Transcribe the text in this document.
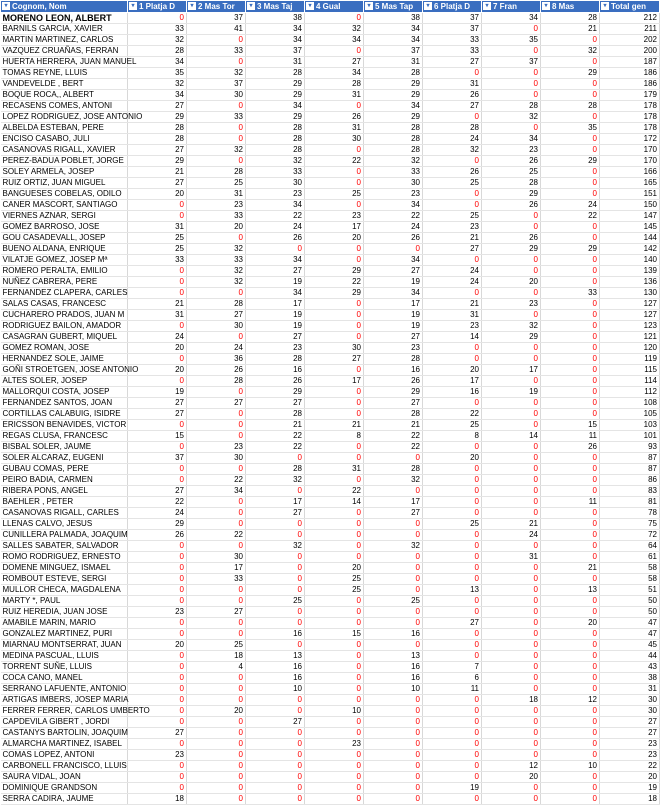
▾ Cognom, Nom	▾ 1 Platja D	▾ 2 Mas Tor	▾ 3 Mas Taj	▾ 4 Gual	▾ 5 Mas Tap	▾ 6 Platja D	▾ 7 Fran	▾ 8 Mas	▾ Total gen
MORENO LEON, ALBERT	0	37	38	0	38	37	34	28	212
BARNILS GARCIA, XAVIER	33	41	34	32	34	37	0	21	211
MARTIN MARTINEZ, CARLOS	32	0	34	34	34	33	35	0	202
VAZQUEZ CRUAÑAS, FERRAN	28	33	37	0	37	33	0	32	200
HUERTA HERRERA, JUAN MANUEL	34	0	31	27	31	27	37	0	187
TOMAS REYNE, LLUIS	35	32	28	34	28	0	0	29	186
VANDEVELDE , BERT	32	37	29	28	29	31	0	0	186
BOQUE ROCA,, ALBERT	34	30	29	31	29	26	0	0	179
RECASENS COMES, ANTONI	27	0	34	0	34	27	28	28	178
LOPEZ RODRIGUEZ, JOSE ANTONIO	29	33	29	26	29	0	32	0	178
ALBELDA ESTEBAN, PERE	28	0	28	31	28	28	0	35	178
ENCISO CASABO, JULI	28	0	28	30	28	24	34	0	172
CASANOVAS RIGALL, XAVIER	27	32	28	0	28	32	23	0	170
PEREZ-BADUA POBLET, JORGE	29	0	32	22	32	0	26	29	170
SOLEY ARMELA, JOSEP	21	28	33	0	33	26	25	0	166
RUIZ ORTIZ, JUAN MIGUEL	27	25	30	0	30	25	28	0	165
BANGUESES COBELAS, ODILO	20	31	23	25	23	0	29	0	151
CANER MASCORT, SANTIAGO	0	23	34	0	34	0	26	24	150
VIERNES AZNAR, SERGI	0	33	22	23	22	25	0	22	147
GOMEZ BARROSO, JOSE	31	20	24	17	24	23	0	0	145
GOU CASADEVALL, JOSEP	25	0	26	20	26	21	26	0	144
BUENO ALDANA, ENRIQUE	25	32	0	0	0	27	29	29	142
VILATJE GOMEZ, JOSEP Mª	33	33	34	0	34	0	0	0	140
ROMERO PERALTA, EMILIO	0	32	27	29	27	24	0	0	139
NUÑEZ CABRERA, PERE	0	32	19	22	19	24	20	0	136
FERNANDEZ CLAPERA, CARLES	0	0	34	29	34	0	0	33	130
SALAS CASAS, FRANCESC	21	28	17	0	17	21	23	0	127
CUCHARERO PRADOS, JUAN M	31	27	19	0	19	31	0	0	127
RODRIGUEZ BAILON, AMADOR	0	30	19	0	19	23	32	0	123
CASAGRAN GUBERT, MIQUEL	24	0	27	0	27	14	29	0	121
GOMEZ ROMAN, JOSE	20	24	23	30	23	0	0	0	120
HERNANDEZ SOLE, JAIME	0	36	28	27	28	0	0	0	119
GOÑI STROETGEN, JOSE ANTONIO	20	26	16	0	16	20	17	0	115
ALTES SOLER, JOSEP	0	28	26	17	26	17	0	0	114
MALLORQUI COSTA, JOSEP	19	0	29	0	29	16	19	0	112
FERNANDEZ SANTOS, JOAN	27	27	27	0	27	0	0	0	108
CORTILLAS CALABUIG, ISIDRE	27	0	28	0	28	22	0	0	105
ERICSSON BENAVIDES, VICTOR	0	0	21	21	21	25	0	15	103
REGAS CLUSA, FRANCESC	15	0	22	8	22	8	14	11	101
BISBAL SOLER, JAUME	0	23	22	0	22	0	0	26	93
SOLER ALCARAZ, EUGENI	37	30	0	0	0	20	0	0	87
GUBAU COMAS, PERE	0	0	28	31	28	0	0	0	87
PEIRO BADIA, CARMEN	0	22	32	0	32	0	0	0	86
RIBERA PONS, ANGEL	27	34	0	22	0	0	0	0	83
BAEHLER , PETER	22	0	17	14	17	0	0	11	81
CASANOVAS RIGALL, CARLES	24	0	27	0	27	0	0	0	78
LLENAS CALVO, JESUS	29	0	0	0	0	25	21	0	75
CUNILLERA PALMADA, JOAQUIM	26	22	0	0	0	0	24	0	72
SALLES SABATER, SALVADOR	0	0	32	0	32	0	0	0	64
ROMO RODRIGUEZ, ERNESTO	0	30	0	0	0	0	31	0	61
DOMENE MINGUEZ, ISMAEL	0	17	0	20	0	0	0	21	58
ROMBOUT ESTEVE, SERGI	0	33	0	25	0	0	0	0	58
MULLOR CHECA, MAGDALENA	0	0	0	25	0	13	0	13	51
MARTY *, PAUL	0	0	25	0	25	0	0	0	50
RUIZ HEREDIA, JUAN JOSE	23	27	0	0	0	0	0	0	50
AMABILE MARIN, MARIO	0	0	0	0	0	27	0	20	47
GONZALEZ MARTINEZ, PURI	0	0	16	15	16	0	0	0	47
MIARNAU MONTSERRAT, JUAN	20	25	0	0	0	0	0	0	45
MEDINA PASCUAL, LLUIS	0	18	13	0	13	0	0	0	44
TORRENT SUÑE, LLUIS	0	4	16	0	16	7	0	0	43
COCA CANO, MANEL	0	0	16	0	16	6	0	0	38
SERRANO LAFUENTE, ANTONIO	0	0	10	0	10	11	0	0	31
ARTIGAS IMBERS, JOSEP MARIA	0	0	0	0	0	0	18	12	30
FERRER FERRER, CARLOS UMBERTO	0	20	0	10	0	0	0	0	30
CAPDEVILA GIBERT , JORDI	0	0	27	0	0	0	0	0	27
CASTANYS BARTOLIN, JOAQUIM	27	0	0	0	0	0	0	0	27
ALMARCHA MARTINEZ, ISABEL	0	0	0	23	0	0	0	0	23
COMAS LOPEZ, ANTONI	23	0	0	0	0	0	0	0	23
CARBONELL FRANCISCO, LLUIS	0	0	0	0	0	0	12	10	22
SAURA VIDAL, JOAN	0	0	0	0	0	0	20	0	20
DOMINIQUE GRANDSON	0	0	0	0	0	19	0	0	19
SERRA CADIRA, JAUME	18	0	0	0	0	0	0	0	18
